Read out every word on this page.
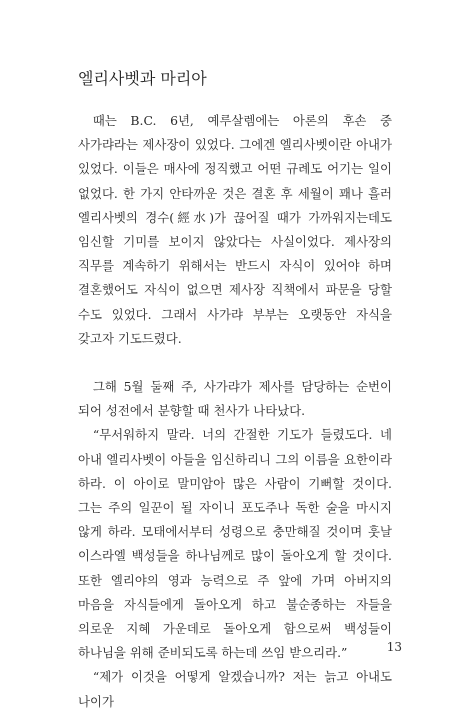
엘리사벳과 마리아

때는 B.C. 6년, 예루살렘에는 아론의 후손 중 사가랴라는 제사장이 있었다. 그에겐 엘리사벳이란 아내가 있었다. 이들은 매사에 정직했고 어떤 규례도 어기는 일이 없었다. 한 가지 안타까운 것은 결혼 후 세월이 꽤나 흘러 엘리사벳의 경수(經水)가 끊어질 때가 가까워지는데도 임신할 기미를 보이지 않았다는 사실이었다. 제사장의 직무를 계속하기 위해서는 반드시 자식이 있어야 하며 결혼했어도 자식이 없으면 제사장 직책에서 파문을 당할 수도 있었다. 그래서 사가랴 부부는 오랫동안 자식을 갖고자 기도드렸다.

그해 5월 둘째 주, 사가랴가 제사를 담당하는 순번이 되어 성전에서 분향할 때 천사가 나타났다.

“무서워하지 말라. 너의 간절한 기도가 들렸도다. 네 아내 엘리사벳이 아들을 임신하리니 그의 이름을 요한이라 하라. 이 아이로 말미암아 많은 사람이 기뻐할 것이다. 그는 주의 일꾼이 될 자이니 포도주나 독한 술을 마시지 않게 하라. 모태에서부터 성령으로 충만해질 것이며 훗날 이스라엘 백성들을 하나님께로 많이 돌아오게 할 것이다. 또한 엘리야의 영과 능력으로 주 앞에 가며 아버지의 마음을 자식들에게 돌아오게 하고 불순종하는 자들을 의로운 지혜 가운데로 돌아오게 함으로써 백성들이 하나님을 위해 준비되도록 하는데 쓰임 받으리라.”

“제가 이것을 어떻게 알겠습니까? 저는 늙고 아내도 나이가

13
